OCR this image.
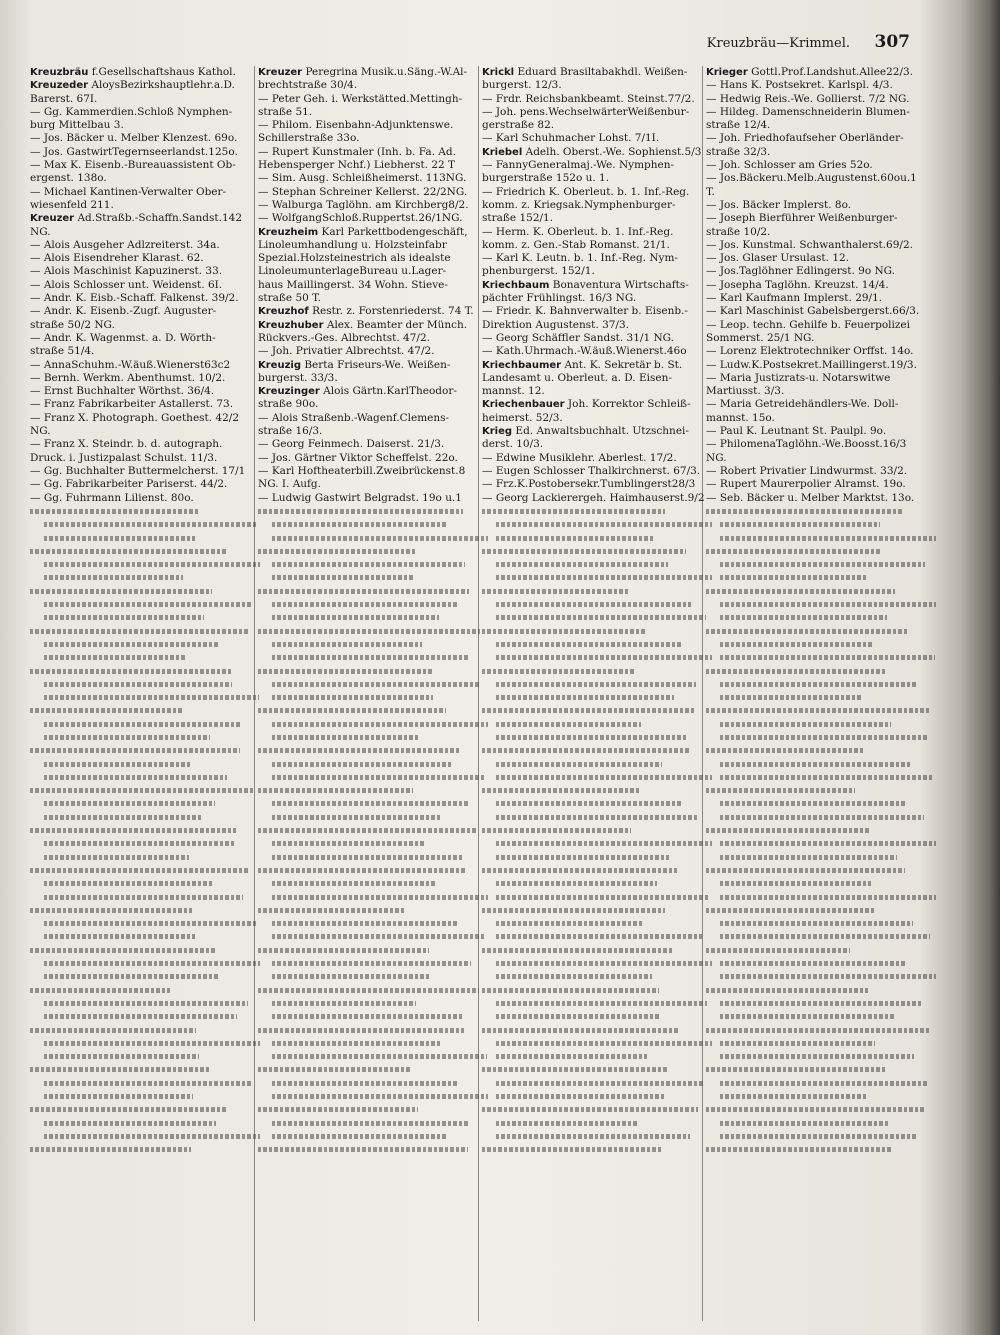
Kreuzbräu—Krimmel. 307
Kreuzbräu f.Gesellschaftshaus Kathol.
Kreuzeder AloysBezirkshauptlehr.a.D.
Barerst. 67I.
— Gg. Kammerdien.Schloß Nymphen-
burg Mittelbau 3.
— Jos. Bäcker u. Melber Klenzest. 69o.
— Jos. GastwirtTegernseerlandst.125o.
— Max K. Eisenb.-Bureauassistent Ob-
ergenst. 138o.
— Michael Kantinen-Verwalter Ober-
wiesenfeld 211.
Kreuzer Ad.Straßb.-Schaffn.Sandst.142
NG.
— Alois Ausgeher Adlzreiterst. 34a.
— Alois Eisendreher Klarast. 62.
— Alois Maschinist Kapuzinerst. 33.
— Alois Schlosser unt. Weidenst. 6I.
— Andr. K. Eisb.-Schaff. Falkenst. 39/2.
— Andr. K. Eisenb.-Zugf. Auguster-
straße 50/2 NG.
— Andr. K. Wagenmst. a. D. Wörth-
straße 51/4.
— AnnaSchuhm.-W.äuß.Wienerst63c2
— Bernh. Werkm. Abenthumst. 10/2.
— Ernst Buchhalter Wörthst. 36/4.
— Franz Fabrikarbeiter Astallerst. 73.
— Franz X. Photograph. Goethest. 42/2
NG.
— Franz X. Steindr. b. d. autograph.
Druck. i. Justizpalast Schulst. 11/3.
— Gg. Buchhalter Buttermelcherst. 17/1
— Gg. Fabrikarbeiter Pariserst. 44/2.
— Gg. Fuhrmann Lilienst. 80o.
Kreuzer Peregrina Musik.u.Säng.-W.Al-
brechtstraße 30/4.
— Peter Geh. i. Werkstätted.Mettingh-
straße 51.
— Philom. Eisenbahn-Adjunktenswe.
Schillerstraße 33o.
— Rupert Kunstmaler (Inh. b. Fa. Ad.
Hebensperger Nchf.) Liebherst. 22 T
— Sim. Ausg. Schleißheimerst. 113NG.
— Stephan Schreiner Kellerst. 22/2NG.
— Walburga Taglöhn. am Kirchberg8/2.
— WolfgangSchloß.Ruppertst.26/1NG.
Kreuzheim Karl Parkettbodengeschäft,
Linoleumhandlung u. Holzsteinfabr
Spezial.Holzsteinestrich als idealste
LinoleumunterlageBureau u.Lager-
haus Maillingerst. 34 Wohn. Stieve-
straße 50 T.
Kreuzhof Restr. z. Forstenriederst. 74 T.
Kreuzhuber Alex. Beamter der Münch.
Rückvers.-Ges. Albrechtst. 47/2.
— Joh. Privatier Albrechtst. 47/2.
Kreuzig Berta Friseurs-We. Weißen-
burgerst. 33/3.
Kreuzinger Alois Gärtn.KarlTheodor-
straße 90o.
— Alois Straßenb.-Wagenf.Clemens-
straße 16/3.
— Georg Feinmech. Daiserst. 21/3.
— Jos. Gärtner Viktor Scheffelst. 22o.
— Karl Hoftheaterbill.Zweibrückenst.8
NG. I. Aufg.
— Ludwig Gastwirt Belgradst. 19o u.1
Krickl Eduard Brasiltabakhdl. Weißen-
burgerst. 12/3.
— Frdr. Reichsbankbeamt. Steinst.77/2.
— Joh. pens.WechselwärterWeißenbur-
gerstraße 82.
— Karl Schuhmacher Lohst. 7/1I.
Kriebel Adelh. Oberst.-We. Sophienst.5/3
— FannyGeneralmaj.-We. Nymphen-
burgerstraße 152o u. 1.
— Friedrich K. Oberleut. b. 1. Inf.-Reg.
komm. z. Kriegsak.Nymphenburger-
straße 152/1.
— Herm. K. Oberleut. b. 1. Inf.-Reg.
komm. z. Gen.-Stab Romanst. 21/1.
— Karl K. Leutn. b. 1. Inf.-Reg. Nym-
phenburgerst. 152/1.
Kriechbaum Bonaventura Wirtschafts-
pächter Frühlingst. 16/3 NG.
— Friedr. K. Bahnverwalter b. Eisenb.-
Direktion Augustenst. 37/3.
— Georg Schäffler Sandst. 31/1 NG.
— Kath.Uhrmach.-W.äuß.Wienerst.46o
Kriechbaumer Ant. K. Sekretär b. St.
Landesamt u. Oberleut. a. D. Eisen-
mannst. 12.
Kriechenbauer Joh. Korrektor Schleiß-
heimerst. 52/3.
Krieg Ed. Anwaltsbuchhalt. Utzschnei-
derst. 10/3.
— Edwine Musiklehr. Aberlest. 17/2.
— Eugen Schlosser Thalkirchnerst. 67/3.
— Frz.K.Postobersekr.Tumblingerst28/3
— Georg Lackierergeh. Haimhauserst.9/2
Krieger Gottl.Prof.Landshut.Allee22/3.
— Hans K. Postsekret. Karlspl. 4/3.
— Hedwig Reis.-We. Gollierst. 7/2 NG.
— Hildeg. Damenschneiderin Blumen-
straße 12/4.
— Joh. Friedhofaufseher Oberländer-
straße 32/3.
— Joh. Schlosser am Gries 52o.
— Jos.Bäckeru.Melb.Augustenst.60ou.1
T.
— Jos. Bäcker Implerst. 8o.
— Joseph Bierführer Weißenburger-
straße 10/2.
— Jos. Kunstmal. Schwanthalerst.69/2.
— Jos. Glaser Ursulast. 12.
— Jos.Taglöhner Edlingerst. 9o NG.
— Josepha Taglöhn. Kreuzst. 14/4.
— Karl Kaufmann Implerst. 29/1.
— Karl Maschinist Gabelsbergerst.66/3.
— Leop. techn. Gehilfe b. Feuerpolizei
Sommerst. 25/1 NG.
— Lorenz Elektrotechniker Orffst. 14o.
— Ludw.K.Postsekret.Maillingerst.19/3.
— Maria Justizrats-u. Notarswitwe
Martiusst. 3/3.
— Maria Getreidehändlers-We. Doll-
mannst. 15o.
— Paul K. Leutnant St. Paulpl. 9o.
— PhilomenaTaglöhn.-We.Boosst.16/3
NG.
— Robert Privatier Lindwurmst. 33/2.
— Rupert Maurerpolier Alramst. 19o.
— Seb. Bäcker u. Melber Marktst. 13o.
